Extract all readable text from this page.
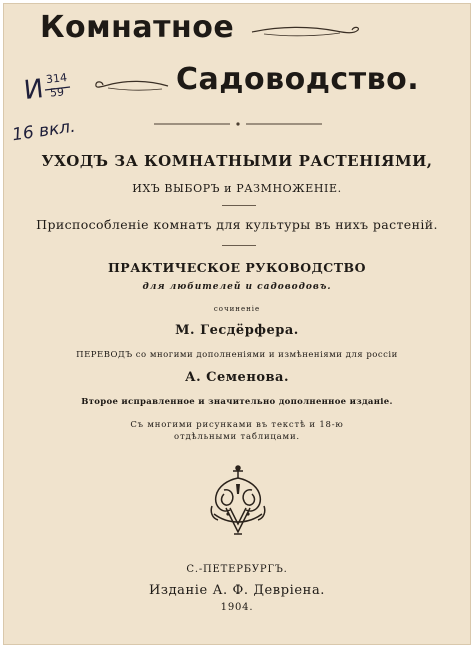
И 314
59
16 вкл.
Комнатное
Садоводство.
УХОДЪ ЗА КОМНАТНЫМИ РАСТЕНІЯМИ,
ИХЪ ВЫБОРЪ и РАЗМНОЖЕНІЕ.
Приспособленіе комнатъ для культуры въ нихъ растеній.
ПРАКТИЧЕСКОЕ РУКОВОДСТВО
для любителей и садоводовъ.
сочиненіе
М. Гесдёрфера.
ПЕРЕВОДЪ со многими дополненіями и измѣненіями для россіи
А. Семенова.
Второе исправленное и значительно дополненное изданіе.
Съ многими рисунками въ текстѣ и 18-ю
отдѣльными таблицами.
С.-ПЕТЕРБУРГЪ.
Изданіе А. Ф. Девріена.
1904.
